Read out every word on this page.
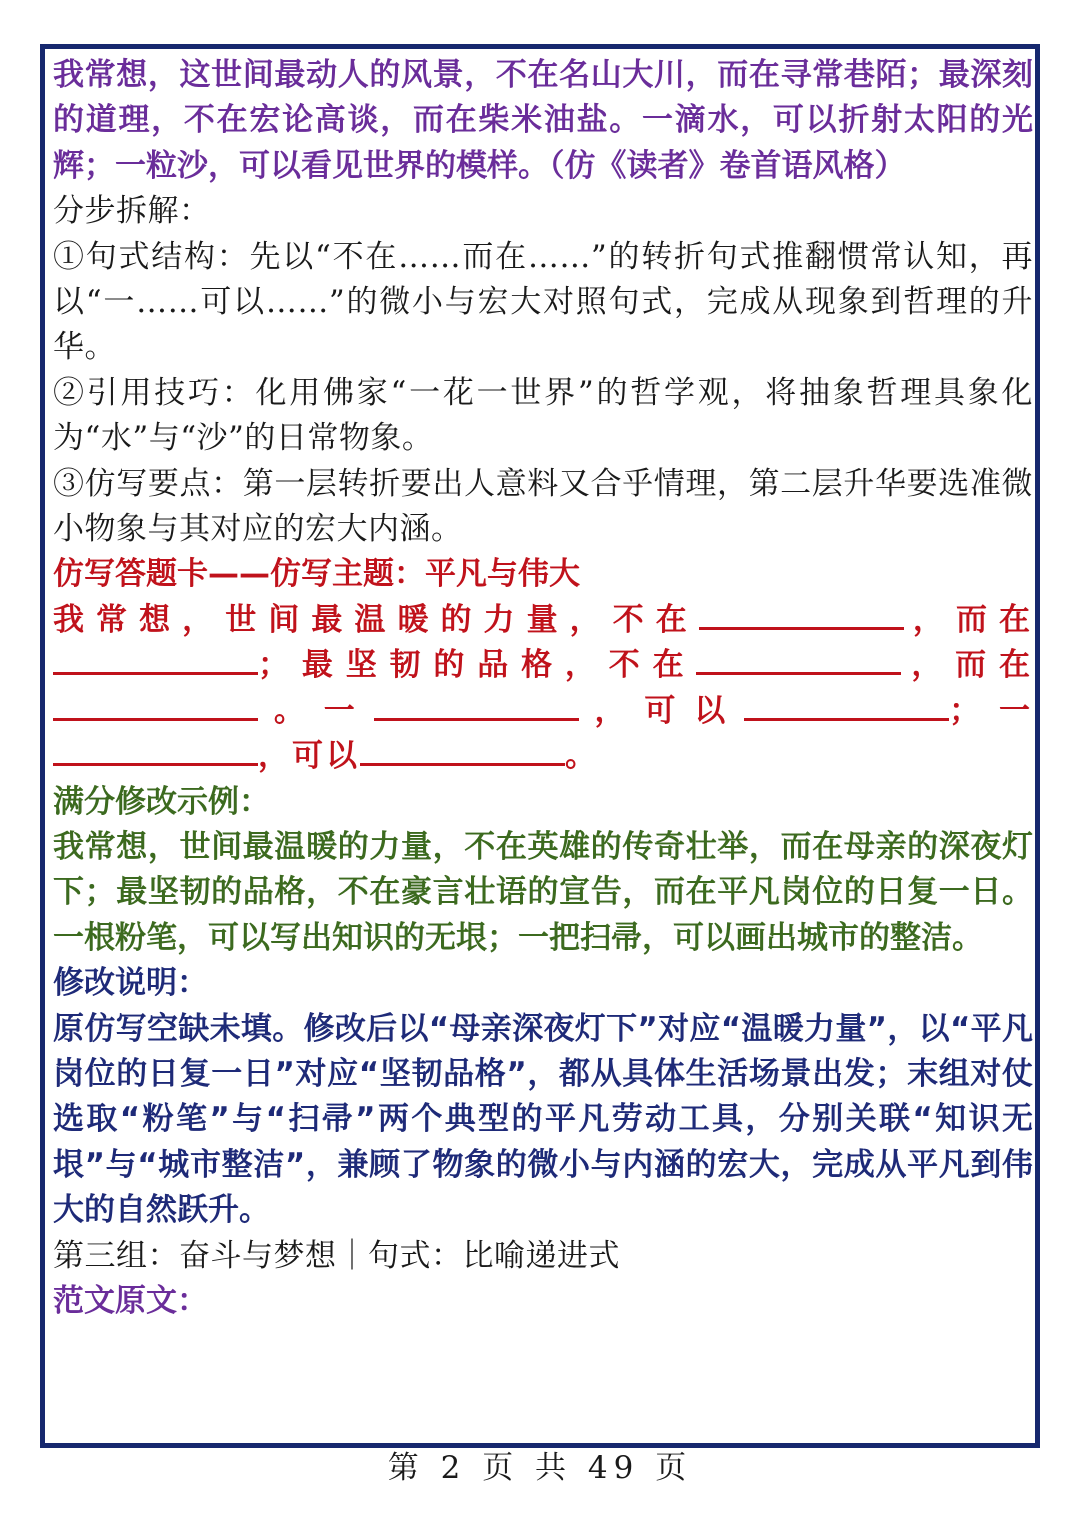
我常想，这世间最动人的风景，不在名山大川，而在寻常巷陌；最深刻的道理，不在宏论高谈，而在柴米油盐。一滴水，可以折射太阳的光辉；一粒沙，可以看见世界的模样。（仿《读者》卷首语风格）

分步拆解：

①句式结构：先以“不在……而在……”的转折句式推翻惯常认知，再以“一……可以……”的微小与宏大对照句式，完成从现象到哲理的升华。

②引用技巧：化用佛家“一花一世界”的哲学观，将抽象哲理具象化为“水”与“沙”的日常物象。

③仿写要点：第一层转折要出人意料又合乎情理，第二层升华要选准微小物象与其对应的宏大内涵。

仿写答题卡——仿写主题：平凡与伟大

我常想，世间最温暖的力量，不在	，而在；最坚韧的品格，不在	，而在。一	，可以	；一，可以	。

满分修改示例：

我常想，世间最温暖的力量，不在英雄的传奇壮举，而在母亲的深夜灯下；最坚韧的品格，不在豪言壮语的宣告，而在平凡岗位的日复一日。一根粉笔，可以写出知识的无垠；一把扫帚，可以画出城市的整洁。

修改说明：

原仿写空缺未填。修改后以“母亲深夜灯下”对应“温暖力量”，以“平凡岗位的日复一日”对应“坚韧品格”，都从具体生活场景出发；末组对仗选取“粉笔”与“扫帚”两个典型的平凡劳动工具，分别关联“知识无垠”与“城市整洁”，兼顾了物象的微小与内涵的宏大，完成从平凡到伟大的自然跃升。

第三组：奋斗与梦想｜句式：比喻递进式

范文原文：

第 2 页 共 49 页
